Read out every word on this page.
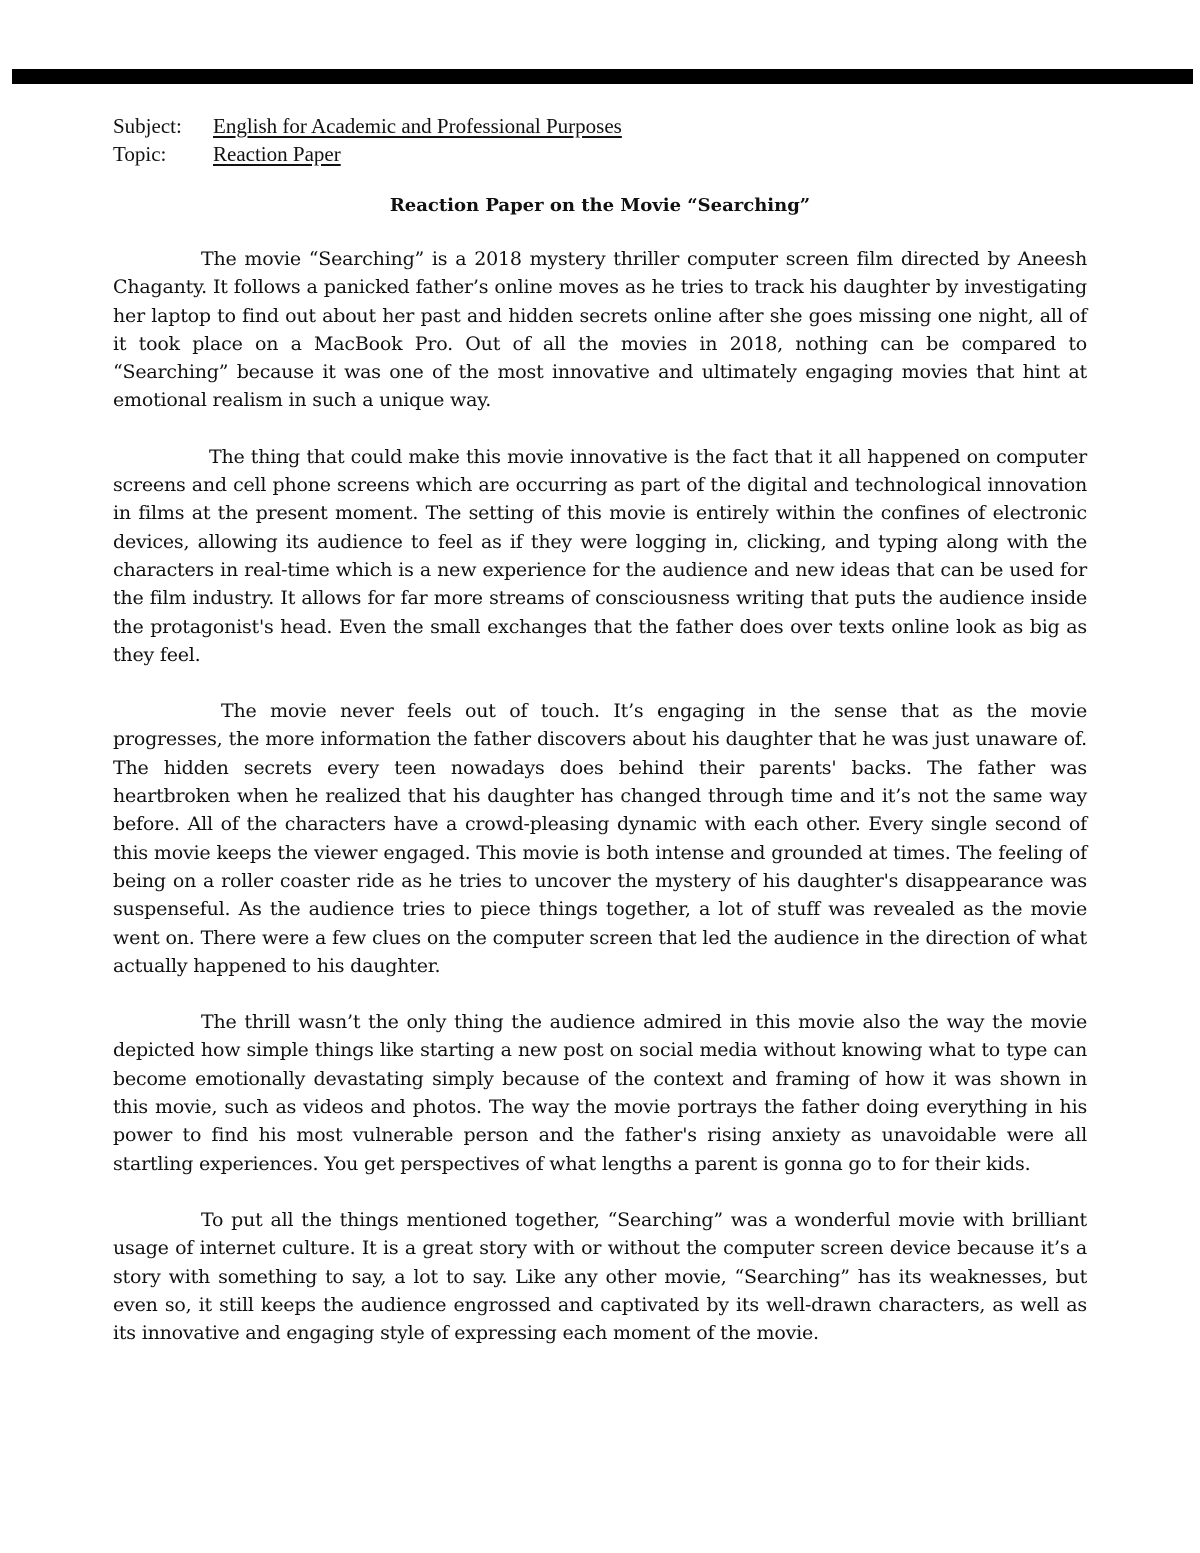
Subject:	English for Academic and Professional Purposes
Topic:	Reaction Paper
Reaction Paper on the Movie “Searching”

The movie “Searching” is a 2018 mystery thriller computer screen film directed by Aneesh Chaganty. It follows a panicked father’s online moves as he tries to track his daughter by investigating her laptop to find out about her past and hidden secrets online after she goes missing one night, all of it took place on a MacBook Pro. Out of all the movies in 2018, nothing can be compared to “Searching” because it was one of the most innovative and ultimately engaging movies that hint at emotional realism in such a unique way.

The thing that could make this movie innovative is the fact that it all happened on computer screens and cell phone screens which are occurring as part of the digital and technological innovation in films at the present moment. The setting of this movie is entirely within the confines of electronic devices, allowing its audience to feel as if they were logging in, clicking, and typing along with the characters in real-time which is a new experience for the audience and new ideas that can be used for the film industry. It allows for far more streams of consciousness writing that puts the audience inside the protagonist's head. Even the small exchanges that the father does over texts online look as big as they feel.

The movie never feels out of touch. It’s engaging in the sense that as the movie progresses, the more information the father discovers about his daughter that he was just unaware of. The hidden secrets every teen nowadays does behind their parents' backs. The father was heartbroken when he realized that his daughter has changed through time and it’s not the same way before. All of the characters have a crowd-pleasing dynamic with each other. Every single second of this movie keeps the viewer engaged. This movie is both intense and grounded at times. The feeling of being on a roller coaster ride as he tries to uncover the mystery of his daughter's disappearance was suspenseful. As the audience tries to piece things together, a lot of stuff was revealed as the movie went on. There were a few clues on the computer screen that led the audience in the direction of what actually happened to his daughter.

The thrill wasn’t the only thing the audience admired in this movie also the way the movie depicted how simple things like starting a new post on social media without knowing what to type can become emotionally devastating simply because of the context and framing of how it was shown in this movie, such as videos and photos. The way the movie portrays the father doing everything in his power to find his most vulnerable person and the father's rising anxiety as unavoidable were all startling experiences. You get perspectives of what lengths a parent is gonna go to for their kids.

To put all the things mentioned together, “Searching” was a wonderful movie with brilliant usage of internet culture. It is a great story with or without the computer screen device because it’s a story with something to say, a lot to say. Like any other movie, “Searching” has its weaknesses, but even so, it still keeps the audience engrossed and captivated by its well-drawn characters, as well as its innovative and engaging style of expressing each moment of the movie.
